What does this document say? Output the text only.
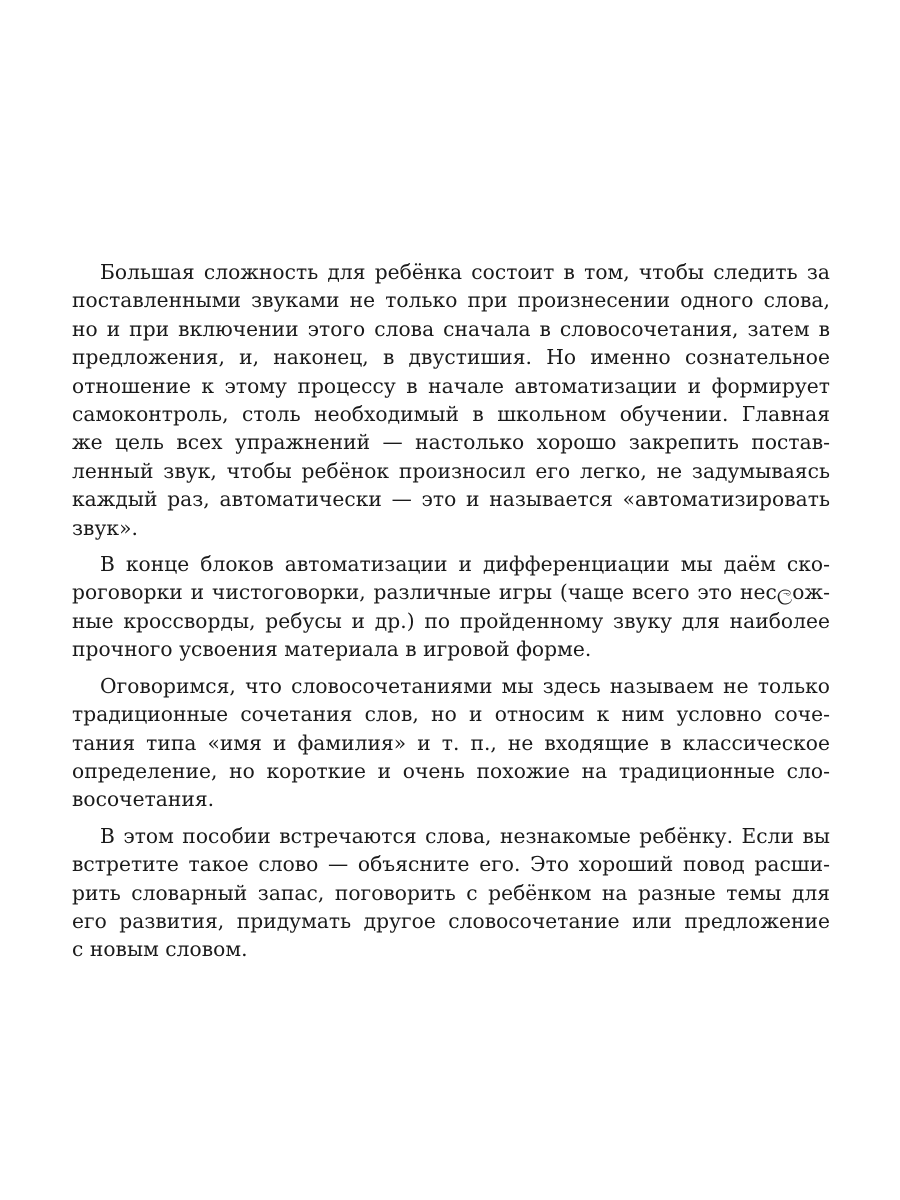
Большая сложность для ребёнка состоит в том, чтобы следить за
поставленными звуками не только при произнесении одного слова,
но и при включении этого слова сначала в словосочетания, затем в
предложения, и, наконец, в двустишия. Но именно сознательное
отношение к этому процессу в начале автоматизации и формирует
самоконтроль, столь необходимый в школьном обучении. Главная
же цель всех упражнений — настолько хорошо закрепить постав-
ленный звук, чтобы ребёнок произносил его легко, не задумываясь
каждый раз, автоматически — это и называется «автоматизировать
звук».

В конце блоков автоматизации и дифференциации мы даём ско-
роговорки и чистоговорки, различные игры (чаще всего это несලож-
ные кроссворды, ребусы и др.) по пройденному звуку для наиболее
прочного усвоения материала в игровой форме.

Оговоримся, что словосочетаниями мы здесь называем не только
традиционные сочетания слов, но и относим к ним условно соче-
тания типа «имя и фамилия» и т. п., не входящие в классическое
определение, но короткие и очень похожие на традиционные сло-
восочетания.

В этом пособии встречаются слова, незнакомые ребёнку. Если вы
встретите такое слово — объясните его. Это хороший повод расши-
рить словарный запас, поговорить с ребёнком на разные темы для
его развития, придумать другое словосочетание или предложение
с новым словом.
